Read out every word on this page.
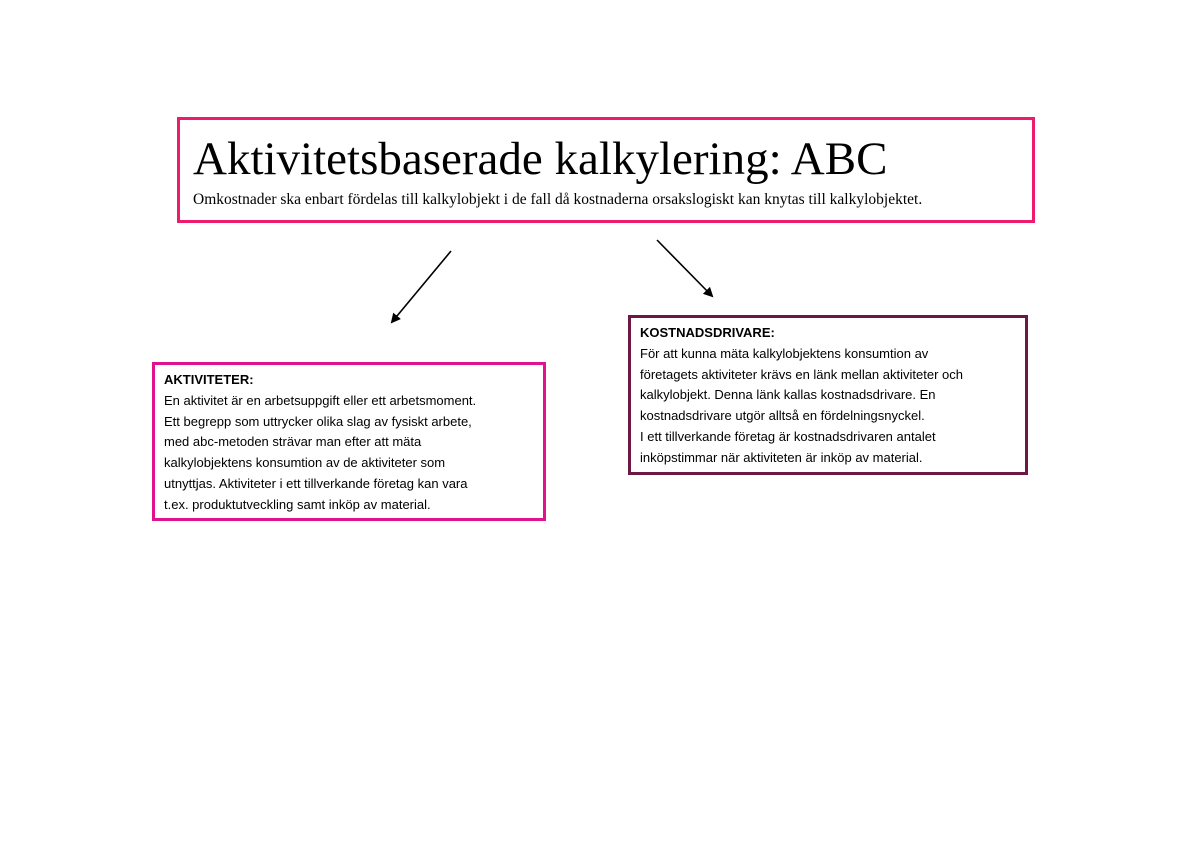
Aktivitetsbaserade kalkylering: ABC

Omkostnader ska enbart fördelas till kalkylobjekt i de fall då kostnaderna orsakslogiskt kan knytas till kalkylobjektet.

AKTIVITETER:
En aktivitet är en arbetsuppgift eller ett arbetsmoment.
Ett begrepp som uttrycker olika slag av fysiskt arbete,
med abc-metoden strävar man efter att mäta
kalkylobjektens konsumtion av de aktiviteter som
utnyttjas. Aktiviteter i ett tillverkande företag kan vara
t.ex. produktutveckling samt inköp av material.
KOSTNADSDRIVARE:
För att kunna mäta kalkylobjektens konsumtion av
företagets aktiviteter krävs en länk mellan aktiviteter och
kalkylobjekt. Denna länk kallas kostnadsdrivare. En
kostnadsdrivare utgör alltså en fördelningsnyckel.
I ett tillverkande företag är kostnadsdrivaren antalet
inköpstimmar när aktiviteten är inköp av material.
